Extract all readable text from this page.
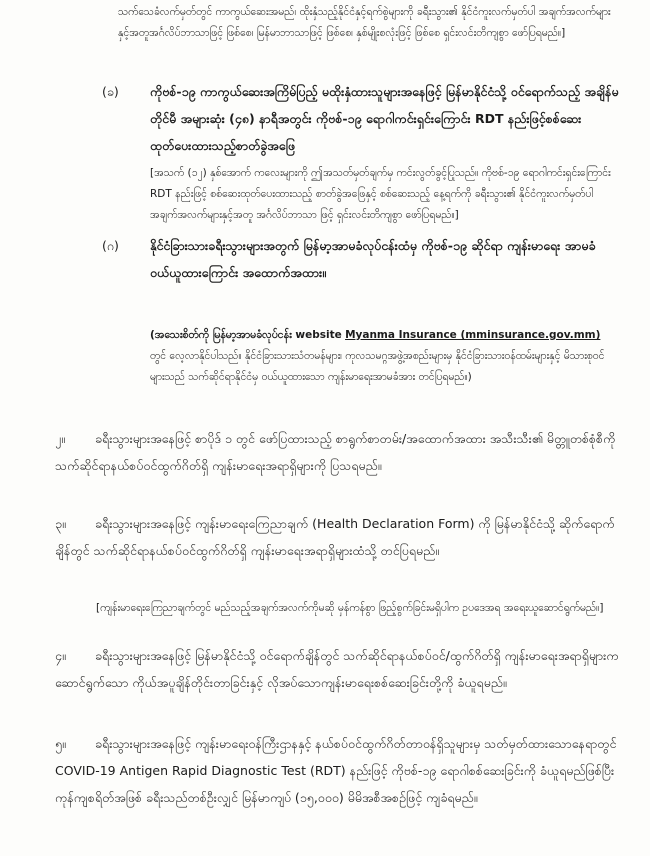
သက်သေခံလက်မှတ်တွင် ကာကွယ်ဆေးအမည်၊ ထိုးနှံသည့်နိုင်ငံနှင့်ရက်စွဲများကို ခရီးသွား၏ နိုင်ငံကူးလက်မှတ်ပါ အချက်အလက်များနှင့်အတူအင်္ဂလိပ်ဘာသာဖြင့် ဖြစ်စေ၊ မြန်မာဘာသာဖြင့် ဖြစ်စေ၊ နှစ်မျိုးစလုံးဖြင့် ဖြစ်စေ ရှင်းလင်းတိကျစွာ ဖော်ပြရမည်။]

(ခ) ကိုဗစ်-၁၉ ကာကွယ်ဆေးအကြိမ်ပြည့် မထိုးနှံထားသူများအနေဖြင့် မြန်မာနိုင်ငံသို့ ဝင်ရောက်သည့် အချိန်မတိုင်မီ အများဆုံး (၄၈) နာရီအတွင်း ကိုဗစ်-၁၉ ရောဂါကင်းရှင်းကြောင်း RDT နည်းဖြင့်စစ်ဆေးထုတ်ပေးထားသည့်စာတ်ခွဲအဖြေ

[အသက် (၁၂) နှစ်အောက် ကလေးများကို ဤအသတ်မှတ်ချက်မှ ကင်းလွတ်ခွင့်ပြုသည်။ ကိုဗစ်-၁၉ ရောဂါကင်းရှင်းကြောင်း RDT နည်းဖြင့် စစ်ဆေးထုတ်ပေးထားသည့် စာတ်ခွဲအဖြေနှင့် စစ်ဆေးသည့် နေ့ရက်ကို ခရီးသွား၏ နိုင်ငံကူးလက်မှတ်ပါ အချက်အလက်များနှင့်အတူ အင်္ဂလိပ်ဘာသာ ဖြင့် ရှင်းလင်းတိကျစွာ ဖော်ပြရမည်။]

(ဂ) နိုင်ငံခြားသားခရီးသွားများအတွက် မြန်မာ့အာမခံလုပ်ငန်းထံမှ ကိုဗစ်-၁၉ ဆိုင်ရာ ကျန်းမာရေး အာမခံဝယ်ယူထားကြောင်း အထောက်အထား။

(အသေးစိတ်ကို မြန်မာ့အာမခံလုပ်ငန်း website Myanma Insurance (mminsurance.gov.mm) တွင် လေ့လာနိုင်ပါသည်။ နိုင်ငံခြားသားသံတမန်များ၊ ကုလသမဂ္ဂအဖွဲ့အစည်းများမှ နိုင်ငံခြားသားဝန်ထမ်းများနှင့် မိသားစုဝင်များသည် သက်ဆိုင်ရာနိုင်ငံမှ ဝယ်ယူထားသော ကျန်းမာရေးအာမခံအား တင်ပြရမည်။)

၂။	ခရီးသွားများအနေဖြင့် စာပိုဒ် ၁ တွင် ဖော်ပြထားသည့် စာရွက်စာတမ်း/အထောက်အထား အသီးသီး၏ မိတ္တူတစ်စုံစီကို သက်ဆိုင်ရာနယ်စပ်ဝင်ထွက်ဂိတ်ရှိ ကျန်းမာရေးအရာရှိများကို ပြသရမည်။

၃။	ခရီးသွားများအနေဖြင့် ကျန်းမာရေးကြေညာချက် (Health Declaration Form) ကို မြန်မာနိုင်ငံသို့ ဆိုက်ရောက်ချိန်တွင် သက်ဆိုင်ရာနယ်စပ်ဝင်ထွက်ဂိတ်ရှိ ကျန်းမာရေးအရာရှိများထံသို့ တင်ပြရမည်။

[ကျန်းမာရေးကြေညာချက်တွင် မည်သည့်အချက်အလက်ကိုမဆို မှန်ကန်စွာ ဖြည့်စွက်ခြင်းမရှိပါက ဥပဒေအရ အရေးယူဆောင်ရွက်မည်။]

၄။	ခရီးသွားများအနေဖြင့် မြန်မာနိုင်ငံသို့ ဝင်ရောက်ချိန်တွင် သက်ဆိုင်ရာနယ်စပ်ဝင်/ထွက်ဂိတ်ရှိ ကျန်းမာရေးအရာရှိများက ဆောင်ရွက်သော ကိုယ်အပူချိန်တိုင်းတာခြင်းနှင့် လိုအပ်သောကျန်းမာရေးစစ်ဆေးခြင်းတို့ကို ခံယူရမည်။

၅။	ခရီးသွားများအနေဖြင့် ကျန်းမာရေးဝန်ကြီးဌာနနှင့် နယ်စပ်ဝင်ထွက်ဂိတ်တာဝန်ရှိသူများမှ သတ်မှတ်ထားသောနေရာတွင် COVID-19 Antigen Rapid Diagnostic Test (RDT) နည်းဖြင့် ကိုဗစ်-၁၉ ရောဂါစစ်ဆေးခြင်းကို ခံယူရမည်ဖြစ်ပြီး ကုန်ကျစရိတ်အဖြစ် ခရီးသည်တစ်ဦးလျှင် မြန်မာကျပ် (၁၅,၀၀၀) မိမိအစီအစဉ်ဖြင့် ကျခံရမည်။
